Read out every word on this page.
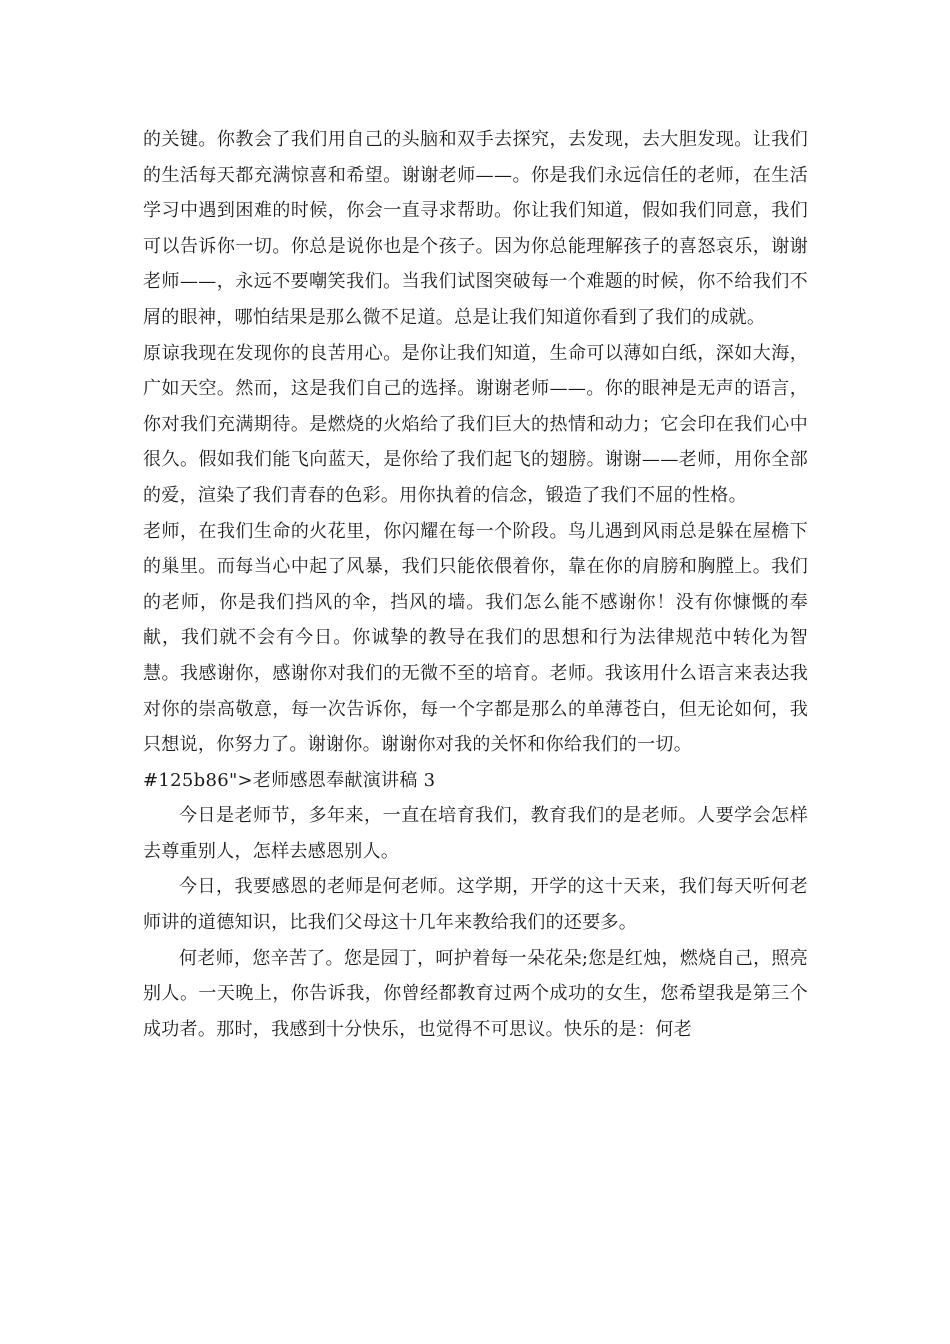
的关键。你教会了我们用自己的头脑和双手去探究，去发现，去大胆发现。让我们的生活每天都充满惊喜和希望。谢谢老师——。你是我们永远信任的老师，在生活学习中遇到困难的时候，你会一直寻求帮助。你让我们知道，假如我们同意，我们可以告诉你一切。你总是说你也是个孩子。因为你总能理解孩子的喜怒哀乐，谢谢老师——，永远不要嘲笑我们。当我们试图突破每一个难题的时候，你不给我们不屑的眼神，哪怕结果是那么微不足道。总是让我们知道你看到了我们的成就。

原谅我现在发现你的良苦用心。是你让我们知道，生命可以薄如白纸，深如大海，广如天空。然而，这是我们自己的选择。谢谢老师——。你的眼神是无声的语言，你对我们充满期待。是燃烧的火焰给了我们巨大的热情和动力；它会印在我们心中很久。假如我们能飞向蓝天，是你给了我们起飞的翅膀。谢谢——老师，用你全部的爱，渲染了我们青春的色彩。用你执着的信念，锻造了我们不屈的性格。

老师，在我们生命的火花里，你闪耀在每一个阶段。鸟儿遇到风雨总是躲在屋檐下的巢里。而每当心中起了风暴，我们只能依偎着你，靠在你的肩膀和胸膛上。我们的老师，你是我们挡风的伞，挡风的墙。我们怎么能不感谢你！没有你慷慨的奉献，我们就不会有今日。你诚挚的教导在我们的思想和行为法律规范中转化为智慧。我感谢你，感谢你对我们的无微不至的培育。老师。我该用什么语言来表达我对你的崇高敬意，每一次告诉你，每一个字都是那么的单薄苍白，但无论如何，我只想说，你努力了。谢谢你。谢谢你对我的关怀和你给我们的一切。

#125b86">老师感恩奉献演讲稿 3

今日是老师节，多年来，一直在培育我们，教育我们的是老师。人要学会怎样去尊重别人，怎样去感恩别人。

今日，我要感恩的老师是何老师。这学期，开学的这十天来，我们每天听何老师讲的道德知识，比我们父母这十几年来教给我们的还要多。

何老师，您辛苦了。您是园丁，呵护着每一朵花朵;您是红烛，燃烧自己，照亮别人。一天晚上，你告诉我，你曾经都教育过两个成功的女生，您希望我是第三个成功者。那时，我感到十分快乐，也觉得不可思议。快乐的是：何老
